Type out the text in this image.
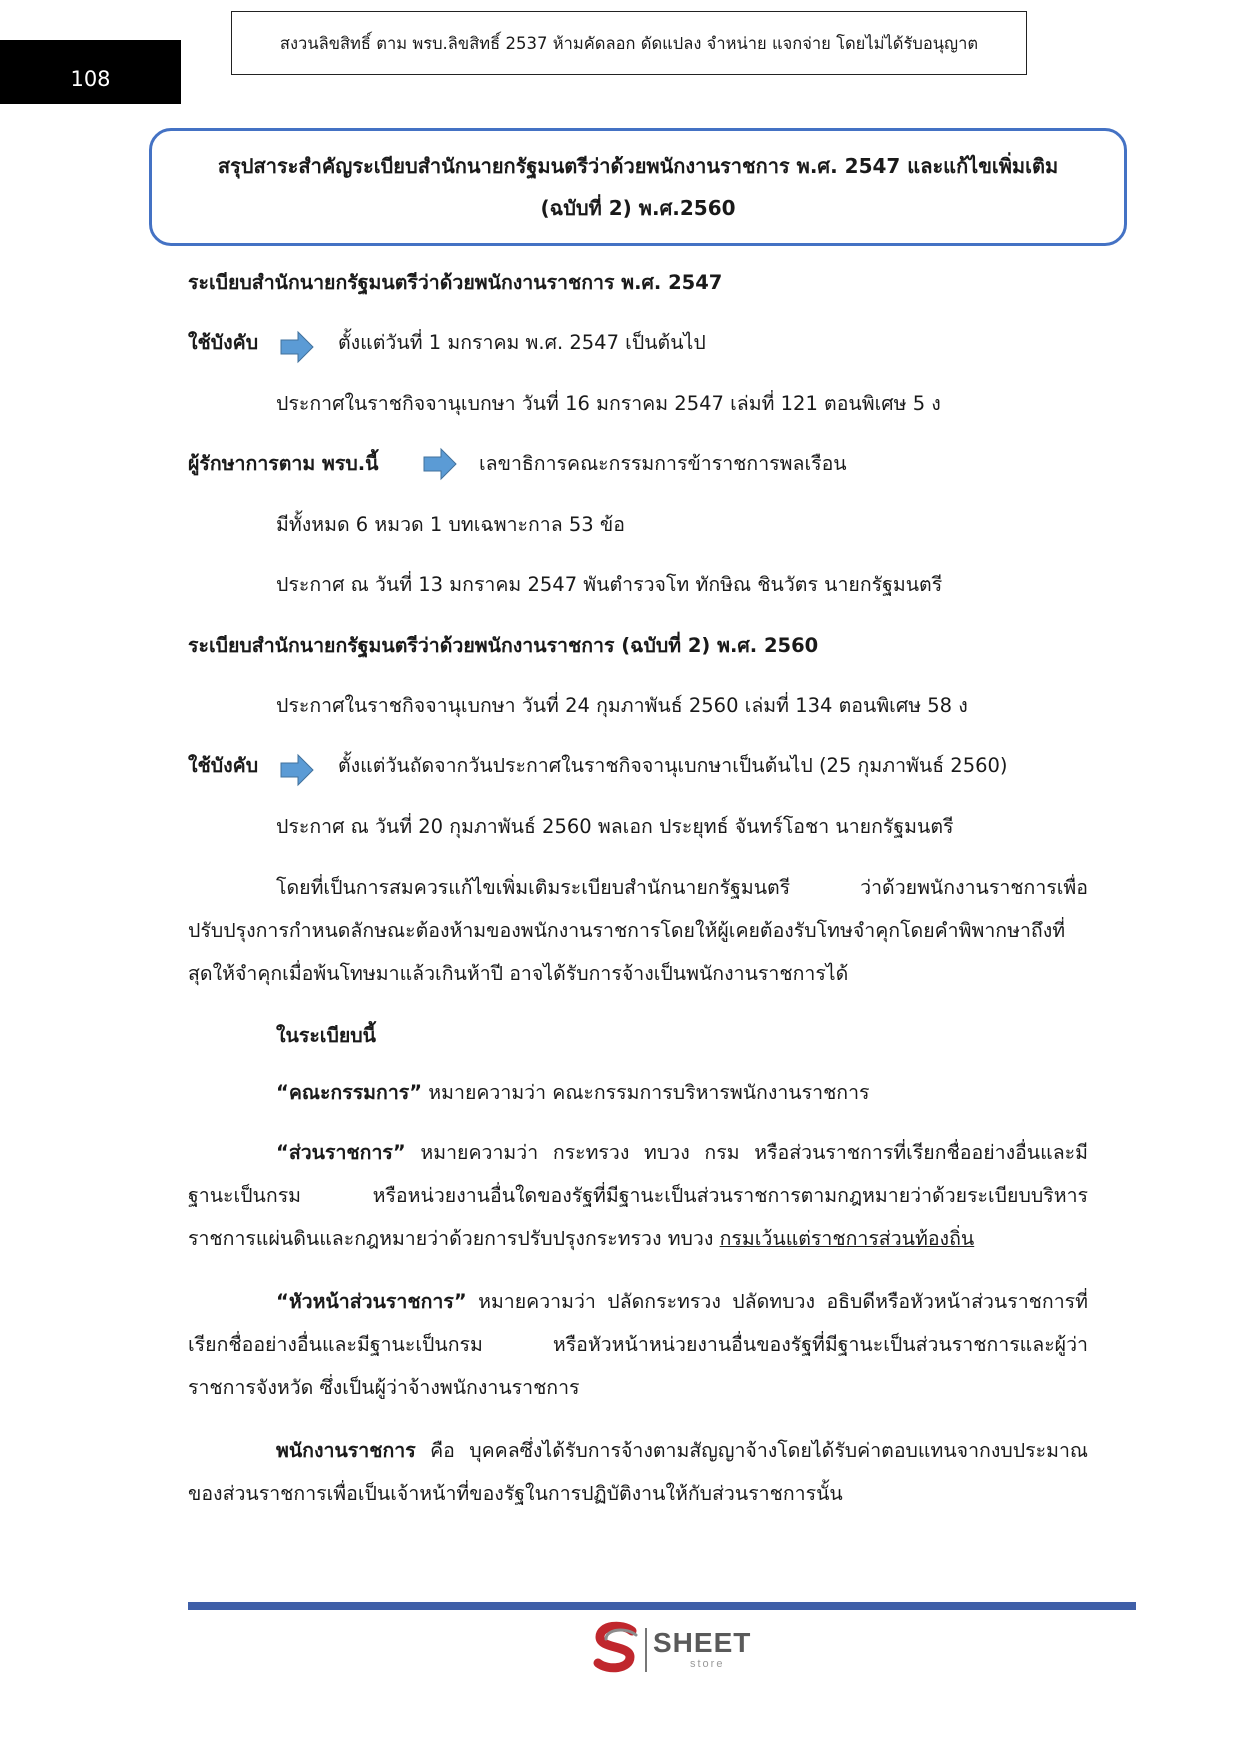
108
สงวนลิขสิทธิ์ ตาม พรบ.ลิขสิทธิ์ 2537 ห้ามคัดลอก ดัดแปลง จำหน่าย แจกจ่าย โดยไม่ได้รับอนุญาต
สรุปสาระสำคัญระเบียบสำนักนายกรัฐมนตรีว่าด้วยพนักงานราชการ พ.ศ. 2547 และแก้ไขเพิ่มเติม
(ฉบับที่ 2) พ.ศ.2560
ระเบียบสำนักนายกรัฐมนตรีว่าด้วยพนักงานราชการ พ.ศ. 2547
ใช้บังคับ	ตั้งแต่วันที่ 1 มกราคม พ.ศ. 2547 เป็นต้นไป
ประกาศในราชกิจจานุเบกษา วันที่ 16 มกราคม 2547 เล่มที่ 121 ตอนพิเศษ 5 ง
ผู้รักษาการตาม พรบ.นี้	เลขาธิการคณะกรรมการข้าราชการพลเรือน
มีทั้งหมด 6 หมวด 1 บทเฉพาะกาล 53 ข้อ
ประกาศ ณ วันที่ 13 มกราคม 2547 พันตำรวจโท ทักษิณ ชินวัตร นายกรัฐมนตรี
ระเบียบสำนักนายกรัฐมนตรีว่าด้วยพนักงานราชการ (ฉบับที่ 2) พ.ศ. 2560
ประกาศในราชกิจจานุเบกษา วันที่ 24 กุมภาพันธ์ 2560 เล่มที่ 134 ตอนพิเศษ 58 ง
ใช้บังคับ	ตั้งแต่วันถัดจากวันประกาศในราชกิจจานุเบกษาเป็นต้นไป (25 กุมภาพันธ์ 2560)
ประกาศ ณ วันที่ 20 กุมภาพันธ์ 2560 พลเอก ประยุทธ์ จันทร์โอชา นายกรัฐมนตรี
โดยที่เป็นการสมควรแก้ไขเพิ่มเติมระเบียบสำนักนายกรัฐมนตรี ว่าด้วยพนักงานราชการเพื่อปรับปรุงการกำหนดลักษณะต้องห้ามของพนักงานราชการโดยให้ผู้เคยต้องรับโทษจำคุกโดยคำพิพากษาถึงที่สุดให้จำคุกเมื่อพ้นโทษมาแล้วเกินห้าปี อาจได้รับการจ้างเป็นพนักงานราชการได้
ในระเบียบนี้
“คณะกรรมการ” หมายความว่า คณะกรรมการบริหารพนักงานราชการ
“ส่วนราชการ” หมายความว่า กระทรวง ทบวง กรม หรือส่วนราชการที่เรียกชื่ออย่างอื่นและมีฐานะเป็นกรม หรือหน่วยงานอื่นใดของรัฐที่มีฐานะเป็นส่วนราชการตามกฎหมายว่าด้วยระเบียบบริหารราชการแผ่นดินและกฎหมายว่าด้วยการปรับปรุงกระทรวง ทบวง กรมเว้นแต่ราชการส่วนท้องถิ่น
“หัวหน้าส่วนราชการ” หมายความว่า ปลัดกระทรวง ปลัดทบวง อธิบดีหรือหัวหน้าส่วนราชการที่เรียกชื่ออย่างอื่นและมีฐานะเป็นกรม หรือหัวหน้าหน่วยงานอื่นของรัฐที่มีฐานะเป็นส่วนราชการและผู้ว่าราชการจังหวัด ซึ่งเป็นผู้ว่าจ้างพนักงานราชการ
พนักงานราชการ คือ บุคคลซึ่งได้รับการจ้างตามสัญญาจ้างโดยได้รับค่าตอบแทนจากงบประมาณของส่วนราชการเพื่อเป็นเจ้าหน้าที่ของรัฐในการปฏิบัติงานให้กับส่วนราชการนั้น
SHEET
store
